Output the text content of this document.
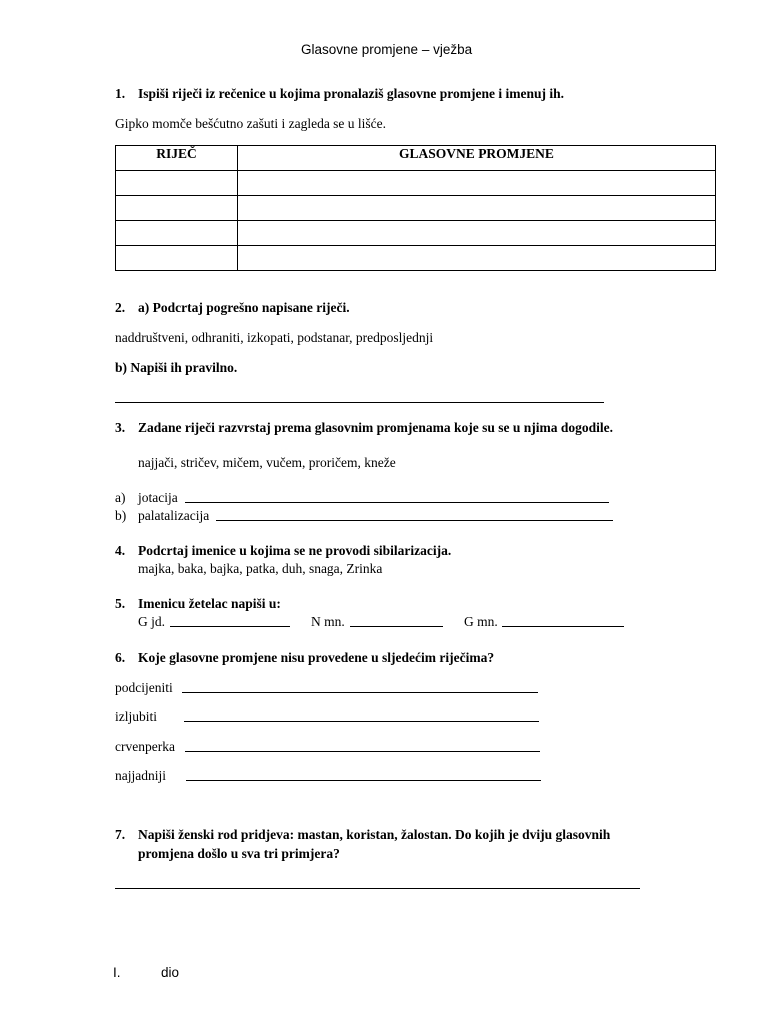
Glasovne promjene – vježba
1. Ispiši riječi iz rečenice u kojima pronalaziš glasovne promjene i imenuj ih.
Gipko momče bešćutno zašuti i zagleda se u lišće.
RIJEČ	GLASOVNE PROMJENE

2. a) Podcrtaj pogrešno napisane riječi.
naddruštveni, odhraniti, izkopati, podstanar, predposljednji
b) Napiši ih pravilno.
3. Zadane riječi razvrstaj prema glasovnim promjenama koje su se u njima dogodile.
najjači, stričev, mičem, vučem, proričem, kneže
a) jotacija
b) palatalizacija
4. Podcrtaj imenice u kojima se ne provodi sibilarizacija.
majka, baka, bajka, patka, duh, snaga, Zrinka
5. Imenicu žetelac napiši u:
G jd.	N mn.	G mn.
6. Koje glasovne promjene nisu provedene u sljedećim riječima?
podcijeniti
izljubiti
crvenperka
najjadniji
7. Napiši ženski rod pridjeva: mastan, koristan, žalostan. Do kojih je dviju glasovnih
promjena došlo u sva tri primjera?
I.	dio
